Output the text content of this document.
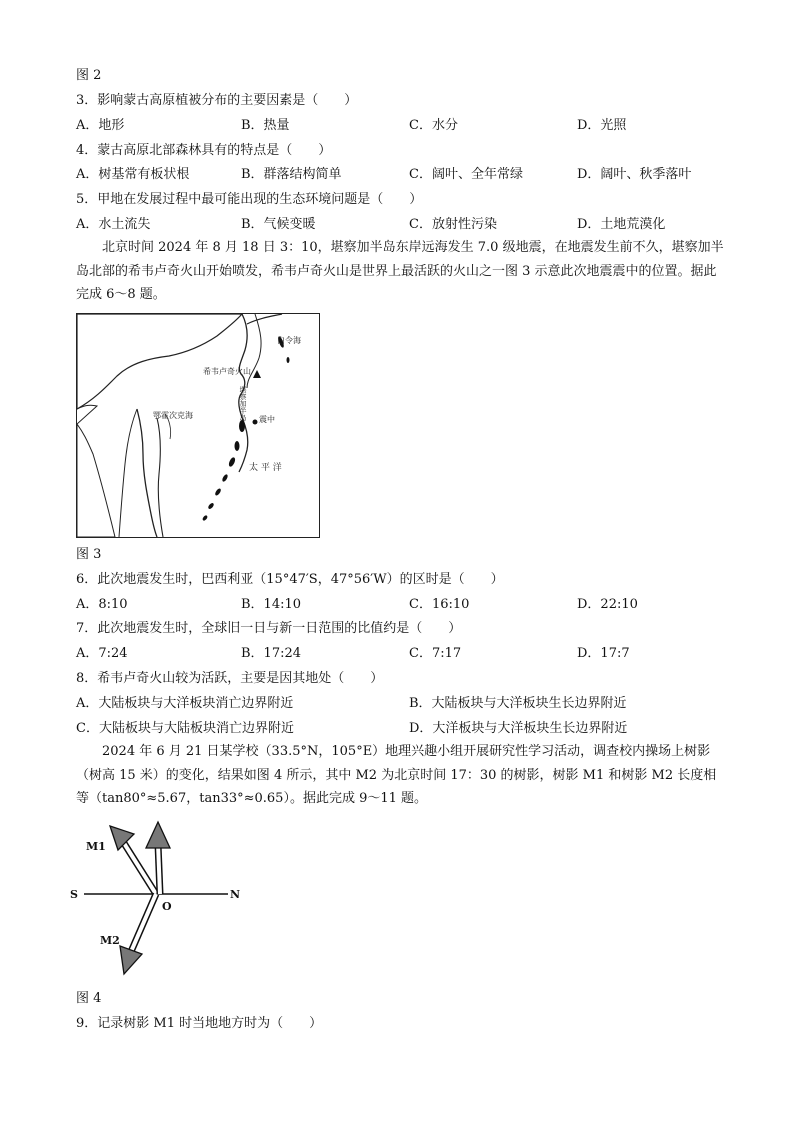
图 2
3．影响蒙古高原植被分布的主要因素是（　　）
A．地形	B．热量	C．水分	D．光照
4．蒙古高原北部森林具有的特点是（　　）
A．树基常有板状根	B．群落结构简单	C．阔叶、全年常绿	D．阔叶、秋季落叶
5．甲地在发展过程中最可能出现的生态环境问题是（　　）
A．水土流失	B．气候变暖	C．放射性污染	D．土地荒漠化
北京时间 2024 年 8 月 18 日 3：10，堪察加半岛东岸远海发生 7.0 级地震，在地震发生前不久，堪察加半岛北部的希韦卢奇火山开始喷发，希韦卢奇火山是世界上最活跃的火山之一图 3 示意此次地震震中的位置。据此完成 6～8 题。
白令海
希韦卢奇火山
震中
鄂霍次克海
太 平 洋
堪察加半岛
图 3
6．此次地震发生时，巴西利亚（15°47′S，47°56′W）的区时是（　　）
A．8:10	B．14:10	C．16:10	D．22:10
7．此次地震发生时，全球旧一日与新一日范围的比值约是（　　）
A．7:24	B．17:24	C．7:17	D．17:7
8．希韦卢奇火山较为活跃，主要是因其地处（　　）
A．大陆板块与大洋板块消亡边界附近	B．大陆板块与大洋板块生长边界附近
C．大陆板块与大陆板块消亡边界附近	D．大洋板块与大洋板块生长边界附近
2024 年 6 月 21 日某学校（33.5°N，105°E）地理兴趣小组开展研究性学习活动，调查校内操场上树影（树高 15 米）的变化，结果如图 4 所示，其中 M2 为北京时间 17：30 的树影，树影 M1 和树影 M2 长度相等（tan80°≈5.67，tan33°≈0.65）。据此完成 9～11 题。
S	N
O
M1
M2
图 4
9．记录树影 M1 时当地地方时为（　　）
